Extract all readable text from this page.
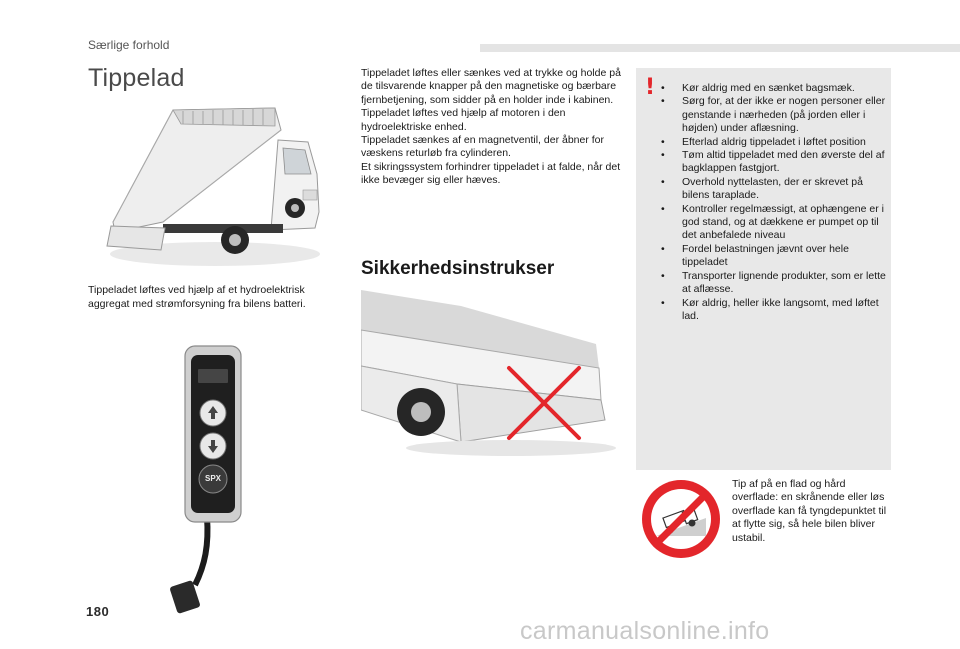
Særlige forhold
Tippelad
Tippeladet løftes ved hjælp af et hydroelektrisk aggregat med strømforsyning fra bilens batteri.
SPX

Tippeladet løftes eller sænkes ved at trykke og holde på de tilsvarende knapper på den magnetiske og bærbare fjernbetjening, som sidder på en holder inde i kabinen.

Tippeladet løftes ved hjælp af motoren i den hydroelektriske enhed.

Tippeladet sænkes af en magnetventil, der åbner for væskens returløb fra cylinderen.

Et sikringssystem forhindrer tippeladet i at falde, når det ikke bevæger sig eller hæves.

Sikkerhedsinstrukser
!
•	Kør aldrig med en sænket bagsmæk.
• Sørg for, at der ikke er nogen personer eller genstande i nærheden (på jorden eller i højden) under aflæsning.
• Efterlad aldrig tippeladet i løftet position
• Tøm altid tippeladet med den øverste del af bagklappen fastgjort.
• Overhold nyttelasten, der er skrevet på bilens taraplade.
• Kontroller regelmæssigt, at ophængene er i god stand, og at dækkene er pumpet op til det anbefalede niveau
• Fordel belastningen jævnt over hele tippeladet
• Transporter lignende produkter, som er lette at aflæsse.
• Kør aldrig, heller ikke langsomt, med løftet lad.
Tip af på en flad og hård overflade: en skrånende eller løs overflade kan få tyngdepunktet til at flytte sig, så hele bilen bliver ustabil.
180
carmanualsonline.info
